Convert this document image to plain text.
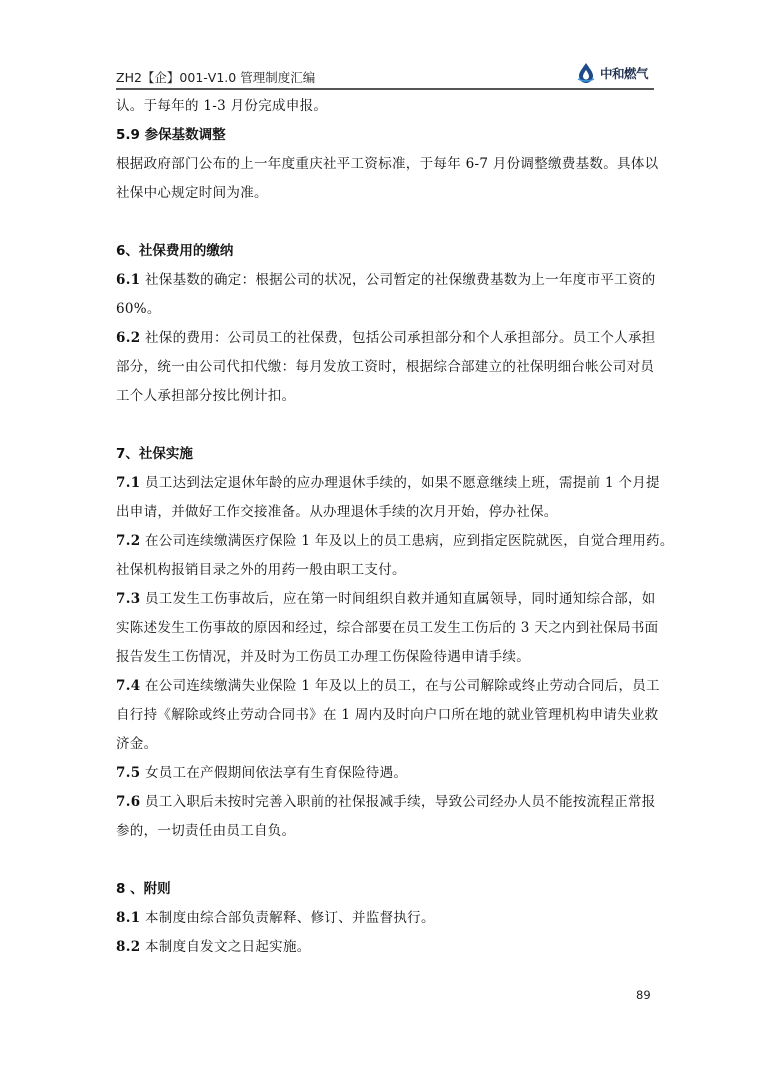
ZH2【企】001-V1.0 管理制度汇编	中和燃气

认。于每年的 1-3 月份完成申报。

5.9 参保基数调整

根据政府部门公布的上一年度重庆社平工资标准，于每年 6-7 月份调整缴费基数。具体以

社保中心规定时间为准。

6、社保费用的缴纳

6.1 社保基数的确定：根据公司的状况，公司暂定的社保缴费基数为上一年度市平工资的

60%。

6.2 社保的费用：公司员工的社保费，包括公司承担部分和个人承担部分。员工个人承担

部分，统一由公司代扣代缴：每月发放工资时，根据综合部建立的社保明细台帐公司对员

工个人承担部分按比例计扣。

7、社保实施

7.1 员工达到法定退休年龄的应办理退休手续的，如果不愿意继续上班，需提前 1 个月提

出申请，并做好工作交接准备。从办理退休手续的次月开始，停办社保。

7.2 在公司连续缴满医疗保险 1 年及以上的员工患病，应到指定医院就医，自觉合理用药。

社保机构报销目录之外的用药一般由职工支付。

7.3 员工发生工伤事故后，应在第一时间组织自救并通知直属领导，同时通知综合部，如

实陈述发生工伤事故的原因和经过，综合部要在员工发生工伤后的 3 天之内到社保局书面

报告发生工伤情况，并及时为工伤员工办理工伤保险待遇申请手续。

7.4 在公司连续缴满失业保险 1 年及以上的员工，在与公司解除或终止劳动合同后，员工

自行持《解除或终止劳动合同书》在 1 周内及时向户口所在地的就业管理机构申请失业救

济金。

7.5 女员工在产假期间依法享有生育保险待遇。

7.6 员工入职后未按时完善入职前的社保报减手续，导致公司经办人员不能按流程正常报

参的，一切责任由员工自负。

8 、附则

8.1 本制度由综合部负责解释、修订、并监督执行。

8.2 本制度自发文之日起实施。

89
